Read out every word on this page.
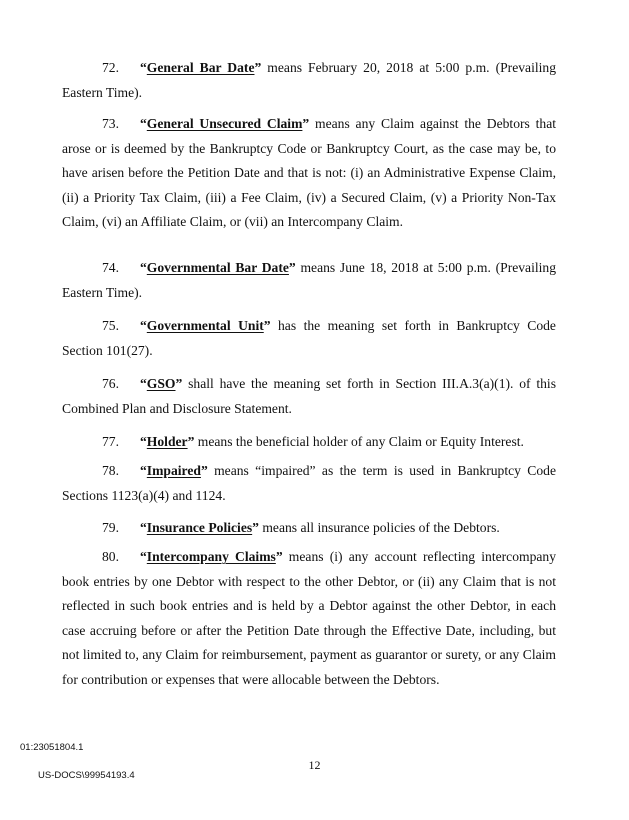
72. “General Bar Date” means February 20, 2018 at 5:00 p.m. (Prevailing Eastern Time).

73. “General Unsecured Claim” means any Claim against the Debtors that arose or is deemed by the Bankruptcy Code or Bankruptcy Court, as the case may be, to have arisen before the Petition Date and that is not: (i) an Administrative Expense Claim, (ii) a Priority Tax Claim, (iii) a Fee Claim, (iv) a Secured Claim, (v) a Priority Non-Tax Claim, (vi) an Affiliate Claim, or (vii) an Intercompany Claim.

74. “Governmental Bar Date” means June 18, 2018 at 5:00 p.m. (Prevailing Eastern Time).

75. “Governmental Unit” has the meaning set forth in Bankruptcy Code Section 101(27).

76. “GSO” shall have the meaning set forth in Section III.A.3(a)(1). of this Combined Plan and Disclosure Statement.

77. “Holder” means the beneficial holder of any Claim or Equity Interest.

78. “Impaired” means “impaired” as the term is used in Bankruptcy Code Sections 1123(a)(4) and 1124.

79. “Insurance Policies” means all insurance policies of the Debtors.

80. “Intercompany Claims” means (i) any account reflecting intercompany book entries by one Debtor with respect to the other Debtor, or (ii) any Claim that is not reflected in such book entries and is held by a Debtor against the other Debtor, in each case accruing before or after the Petition Date through the Effective Date, including, but not limited to, any Claim for reimbursement, payment as guarantor or surety, or any Claim for contribution or expenses that were allocable between the Debtors.

01:23051804.1
12
US-DOCS\99954193.4
